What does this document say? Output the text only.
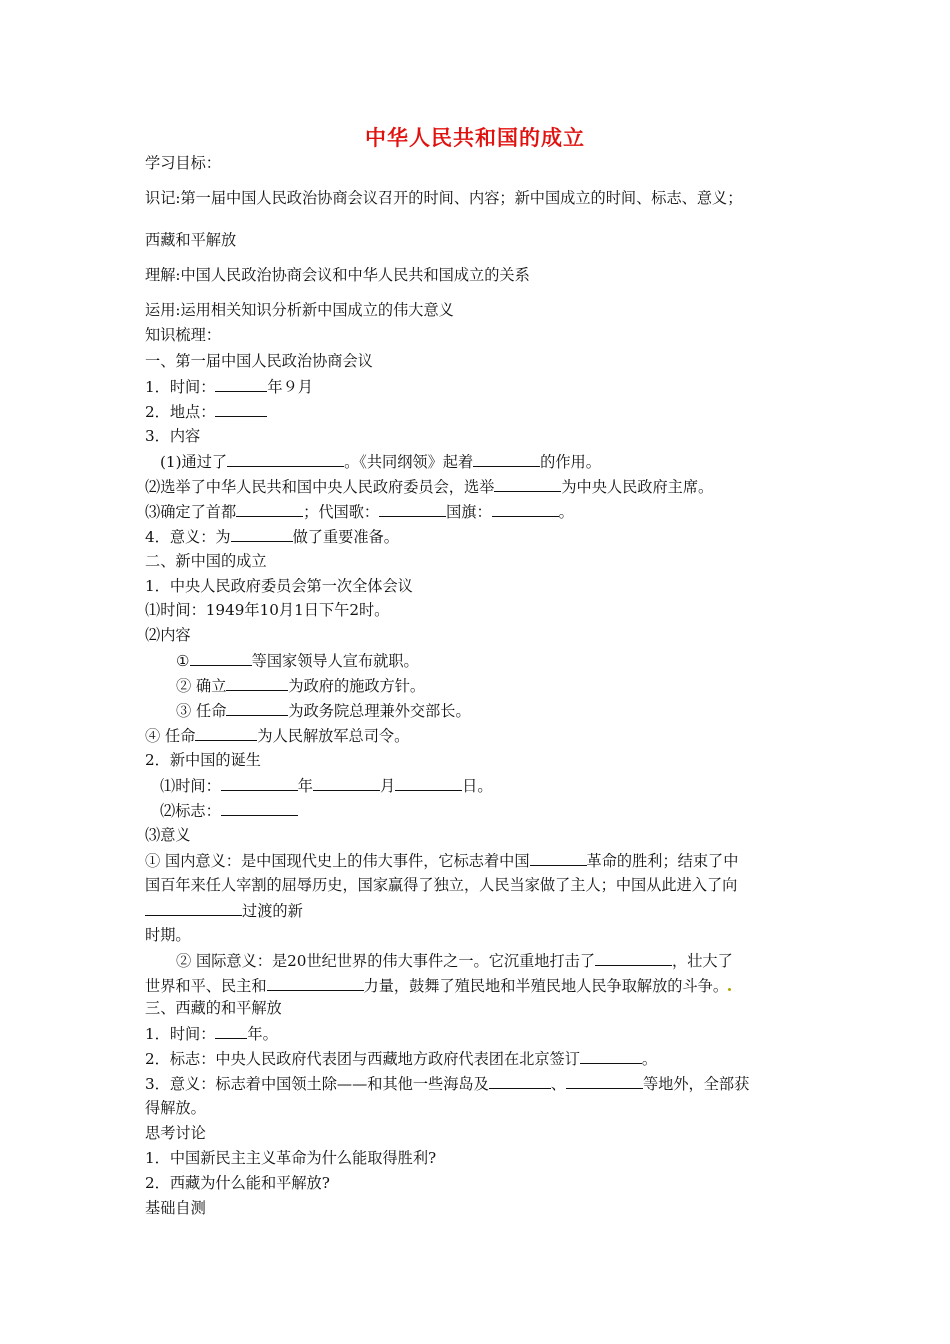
中华人民共和国的成立
学习目标：
识记:第一届中国人民政治协商会议召开的时间、内容；新中国成立的时间、标志、意义；
西藏和平解放
理解:中国人民政治协商会议和中华人民共和国成立的关系
运用:运用相关知识分析新中国成立的伟大意义
知识梳理：
一、第一届中国人民政治协商会议
1．时间：	年９月
2．地点：
3．内容
(1)通过了	。《共同纲领》起着	的作用。
⑵选举了中华人民共和国中央人民政府委员会，选举	为中央人民政府主席。
⑶确定了首都	；代国歌：	国旗：	。
4．意义：为	做了重要准备。
二、新中国的成立
1．中央人民政府委员会第一次全体会议
⑴时间：1949年10月1日下午2时。
⑵内容
①	等国家领导人宣布就职。
② 确立	为政府的施政方针。
③ 任命	为政务院总理兼外交部长。
④ 任命	为人民解放军总司令。
2．新中国的诞生
⑴时间：	年	月	日。
⑵标志：
⑶意义
① 国内意义：是中国现代史上的伟大事件，它标志着中国	革命的胜利；结束了中
国百年来任人宰割的屈辱历史，国家赢得了独立，人民当家做了主人；中国从此进入了向
过渡的新
时期。
② 国际意义：是20世纪世界的伟大事件之一。它沉重地打击了	，壮大了
世界和平、民主和	力量，鼓舞了殖民地和半殖民地人民争取解放的斗争。
三、西藏的和平解放
1．时间： 年。
2．标志：中央人民政府代表团与西藏地方政府代表团在北京签订	。
3．意义：标志着中国领土除——和其他一些海岛及	、	等地外，全部获
得解放。
思考讨论
1．中国新民主主义革命为什么能取得胜利?
2．西藏为什么能和平解放?
基础自测
